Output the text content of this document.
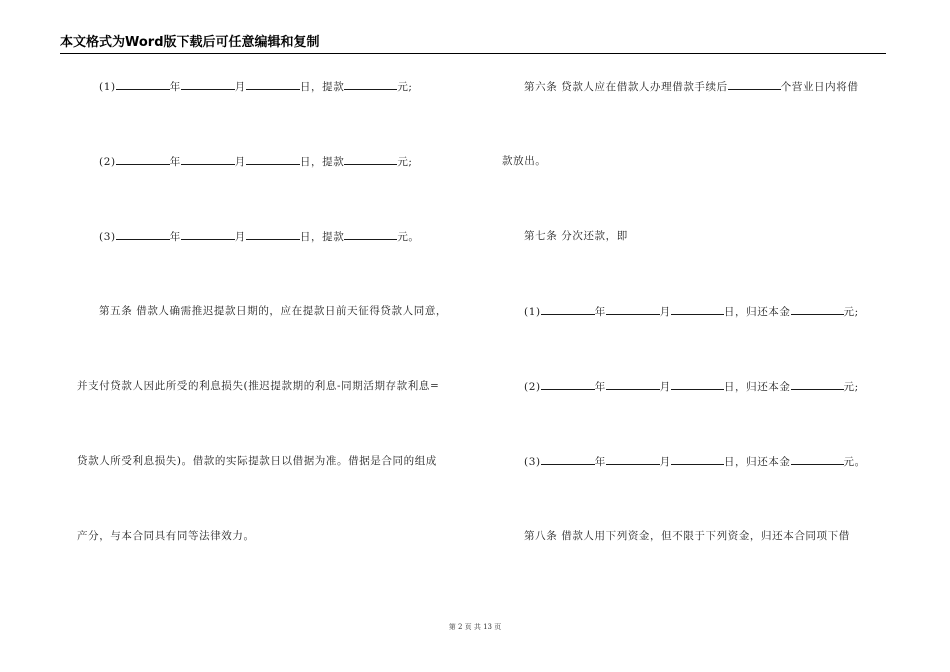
本文格式为Word版下载后可任意编辑和复制
(1)	年	月	日，提款	元;
(2)	年	月	日，提款	元;
(3)	年	月	日，提款	元。
第五条 借款人确需推迟提款日期的，应在提款日前天征得贷款人同意，
并支付贷款人因此所受的利息损失(推迟提款期的利息-同期活期存款利息=
贷款人所受利息损失)。借款的实际提款日以借据为准。借据是合同的组成
产分，与本合同具有同等法律效力。
第六条 贷款人应在借款人办理借款手续后	个营业日内将借
款放出。
第七条 分次还款，即
(1)	年	月	日，归还本金	元;
(2)	年	月	日，归还本金	元;
(3)	年	月	日，归还本金	元。
第八条 借款人用下列资金，但不限于下列资金，归还本合同项下借
第 2 页 共 13 页
